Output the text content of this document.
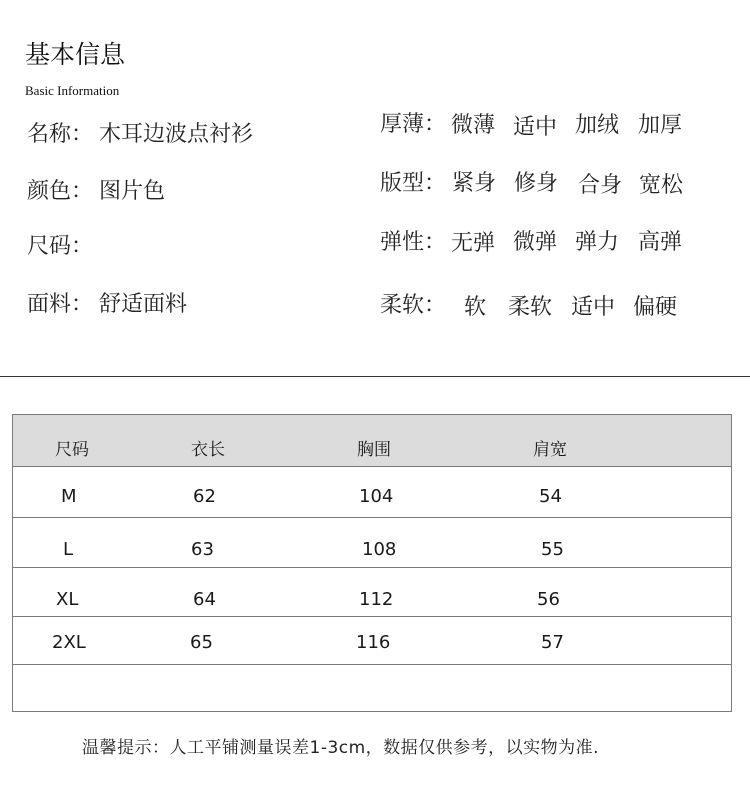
基本信息
Basic Information
名称： 木耳边波点衬衫
颜色： 图片色
尺码：
面料： 舒适面料
厚薄： 微薄 适中 加绒 加厚
版型： 紧身 修身 合身 宽松
弹性： 无弹 微弹 弹力 高弹
柔软： 软 柔软 适中 偏硬
尺码	衣长	胸围	肩宽
M	62	104	54
L	63	108	55
XL	64	112	56
2XL	65	116	57
温馨提示：人工平铺测量误差1-3cm，数据仅供参考，以实物为准.
